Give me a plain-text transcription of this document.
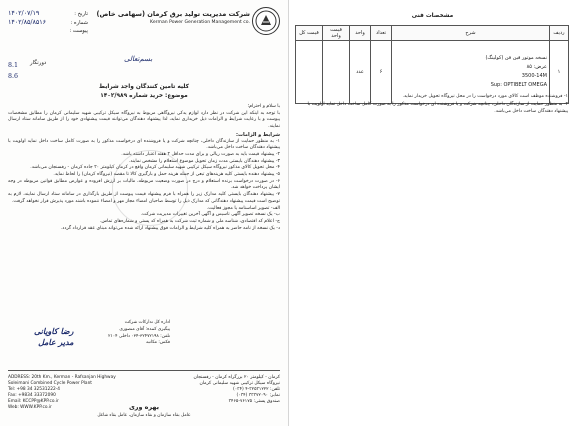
شرکت مدیریت تولید برق کرمان (سهامی خاص)
Kerman Power Generation Management co.
تاریخ :
۱۴۰۲/۰۷/۱۹
شماره :
۱۴۰۲/۸۵/۸۵۱۶
پیوست :
بسم‌تعالی
دورنگار
8.1
8.6
کلیه تامین کنندگان واجد شرایط
موضوع: خرید شماره ۱۴۰۲/۹۸۹

با سلام و احترام؛

با توجه به اینکه این شرکت در نظر دارد لوازم یدکی نیروگاهی مربوط به نیروگاه سیکل ترکیبی شهید سلیمانی کرمان را مطابق مشخصات پیوست و با رعایت شرایط و الزامات ذیل خریداری نماید، لذا پیشنهاد دهندگان می‌توانند قیمت پیشنهادی خود را از طریق سامانه ستاد ارسال نمایند.

شرایط و الزامات:

۱- به منظور حمایت از سازندگان داخلی، چنانچه شرکت و یا فروشنده ای درخواست مذکور را به صورت کامل ساخت داخل نماید اولویت با پیشنهاد دهندگان ساخت داخل می‌باشد.

۲- پیشنهاد قیمت باید به صورت ریالی و برای مدت حداقل ۲ هفته اعتبار داشته باشد.

۳- پیشنهاد دهندگان بایستی مدت زمان تحویل موضوع استعلام را مشخص نمایند.

۴- محل تحویل کالای مذکور نیروگاه سیکل ترکیبی شهید سلیمانی کرمان واقع در کرمان کیلومتر ۲۰ جاده کرمان - رفسنجان می‌باشد.

۵- پیشنهاد دهنده بایستی کلیه هزینه‌های تبعی از جمله هزینه حمل و بارگیری کالا تا مقصد (نیروگاه کرمان) را لحاظ نماید.

۶- در صورت درخواست برنده استعلام و درج در صورت وضعیت مربوطه، مالیات بر ارزش افزوده و عوارض مطابق قوانین مربوطه در وجه ایشان پرداخت خواهد شد.

۷- پیشنهاد دهندگان بایستی کلیه مدارک زیر را همراه با فرم پیشنهاد قیمت پیوست از طریق بارگذاری در سامانه ستاد ارسال نمایند، لازم به توضیح است قیمت پیشنهاد دهندگانی که مدارک ذیل را توسط صاحبان امضاء مجاز مهر و امضاء ننموده باشند مورد پذیرش قرار نخواهد گرفت.

الف- تصویر اساسنامه یا مجوز فعالیت.

ب- یک نسخه تصویر آگهی تاسیس و آگهی آخرین تغییرات مدیریت شرکت.

ج- اعلام کد اقتصادی، شناسه ملی و شماره ثبت شرکت به همراه کد پستی و شماره‌های تماس.

د- یک نسخه از نامه حاضر به همراه کلیه شرایط و الزامات فوق پیشنهاد ارائه شده می‌تواند مبنای عقد قرارداد گردد.

اداره کل تدارکات شرکت
پیگیری کننده: آقای منصوری
تلفن: ۳۲۴۷۲۱۹۸-۰۳۴ داخلی ۲۱۰۴
فکس: مکاتبه
رضا کاویانی
مدیر عامل
ADDRESS: 20th Km., Kerman - Rafsanjan Highway
Soleimani Combined Cycle Power Plant
Tel: +98 34 32531222-4
Fax: +9834 33372090
Email: KCCPP@KPP.co.ir
Web: WWW.KPP.co.ir
کرمان - کیلومتر ۲۰ بزرگراه کرمان - رفسنجان
نیروگاه سیکل ترکیبی شهید سلیمانی کرمان
تلفن: ۳۲۵۳۱۲۲۲-۴ (۰۳۴)
نمابر: ۳۳۳۷۲۰۹۰ (۰۳۴)
صندوق پستی: ۷۶۱۷۵-۳۴۶۵
بهره وری
عامل بقاء سازمان و نقاء سازمان، عامل بقاء شاغل
مشخصات فنی
ردیف	شرح	تعداد	واحد	قیمت واحد	قیمت کل
۱	نسخه موتور فین فن (کولینگ)
عرض: ۸۵

3500-14M
Sup: OPTIBELT OMEGA	۶	عدد		

۱- فروشنده موظف است کالای مورد درخواست را در محل نیروگاه تحویل خریدار نماید.

۲- به منظور حمایت از سازندگان داخلی، چنانچه شرکت و یا فروشنده ای درخواست مذکور را به صورت کامل ساخت داخل نماید اولویت با پیشنهاد دهندگان ساخت داخل می‌باشد.
